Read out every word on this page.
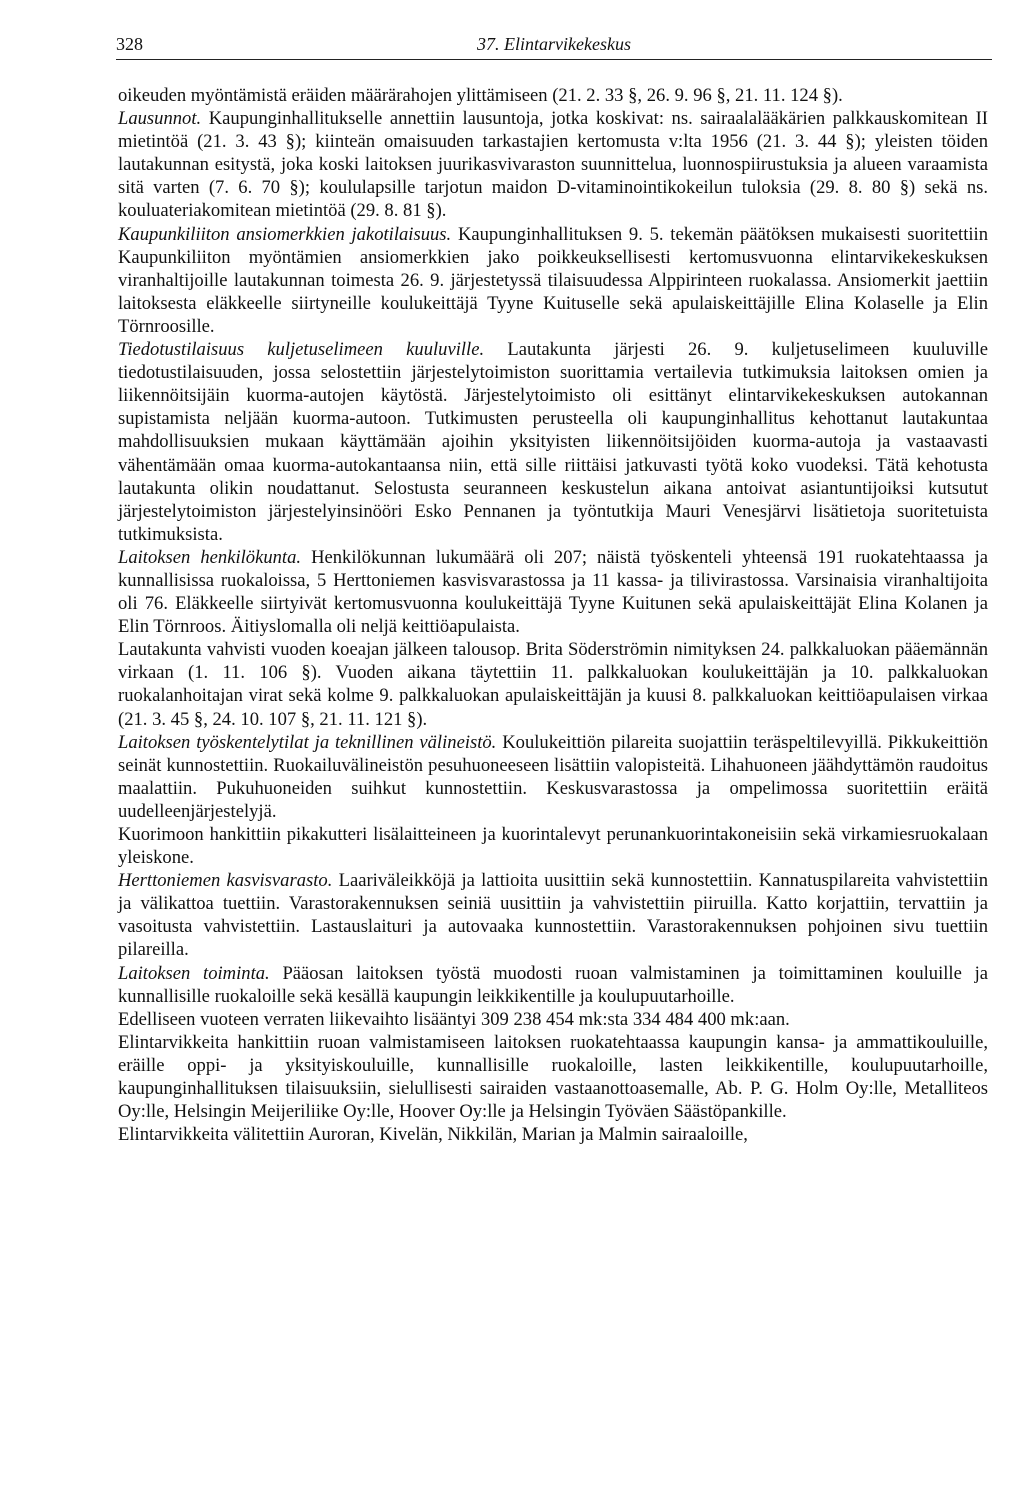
328	37. Elintarvikekeskus

oikeuden myöntämistä eräiden määrärahojen ylittämiseen (21. 2. 33 §, 26. 9. 96 §, 21. 11. 124 §).

Lausunnot. Kaupunginhallitukselle annettiin lausuntoja, jotka koskivat: ns. sairaalalääkärien palkkauskomitean II mietintöä (21. 3. 43 §); kiinteän omaisuuden tarkastajien kertomusta v:lta 1956 (21. 3. 44 §); yleisten töiden lautakunnan esitystä, joka koski laitoksen juurikasvivaraston suunnittelua, luonnospiirustuksia ja alueen varaamista sitä varten (7. 6. 70 §); koululapsille tarjotun maidon D-vitaminointikokeilun tuloksia (29. 8. 80 §) sekä ns. kouluateriakomitean mietintöä (29. 8. 81 §).

Kaupunkiliiton ansiomerkkien jakotilaisuus. Kaupunginhallituksen 9. 5. tekemän päätöksen mukaisesti suoritettiin Kaupunkiliiton myöntämien ansiomerkkien jako poikkeuksellisesti kertomusvuonna elintarvikekeskuksen viranhaltijoille lautakunnan toimesta 26. 9. järjestetyssä tilaisuudessa Alppirinteen ruokalassa. Ansiomerkit jaettiin laitoksesta eläkkeelle siirtyneille koulukeittäjä Tyyne Kuituselle sekä apulaiskeittäjille Elina Kolaselle ja Elin Törnroosille.

Tiedotustilaisuus kuljetuselimeen kuuluville. Lautakunta järjesti 26. 9. kuljetuselimeen kuuluville tiedotustilaisuuden, jossa selostettiin järjestelytoimiston suorittamia vertailevia tutkimuksia laitoksen omien ja liikennöitsijäin kuorma-autojen käytöstä. Järjestelytoimisto oli esittänyt elintarvikekeskuksen autokannan supistamista neljään kuorma-autoon. Tutkimusten perusteella oli kaupunginhallitus kehottanut lautakuntaa mahdollisuuksien mukaan käyttämään ajoihin yksityisten liikennöitsijöiden kuorma-autoja ja vastaavasti vähentämään omaa kuorma-autokantaansa niin, että sille riittäisi jatkuvasti työtä koko vuodeksi. Tätä kehotusta lautakunta olikin noudattanut. Selostusta seuranneen keskustelun aikana antoivat asiantuntijoiksi kutsutut järjestelytoimiston järjestelyinsinööri Esko Pennanen ja työntutkija Mauri Venesjärvi lisätietoja suoritetuista tutkimuksista.

Laitoksen henkilökunta. Henkilökunnan lukumäärä oli 207; näistä työskenteli yhteensä 191 ruokatehtaassa ja kunnallisissa ruokaloissa, 5 Herttoniemen kasvisvarastossa ja 11 kassa- ja tilivirastossa. Varsinaisia viranhaltijoita oli 76. Eläkkeelle siirtyivät kertomusvuonna koulukeittäjä Tyyne Kuitunen sekä apulaiskeittäjät Elina Kolanen ja Elin Törnroos. Äitiyslomalla oli neljä keittiöapulaista.

Lautakunta vahvisti vuoden koeajan jälkeen talousop. Brita Söderströmin nimityksen 24. palkkaluokan pääemännän virkaan (1. 11. 106 §). Vuoden aikana täytettiin 11. palkkaluokan koulukeittäjän ja 10. palkkaluokan ruokalanhoitajan virat sekä kolme 9. palkkaluokan apulaiskeittäjän ja kuusi 8. palkkaluokan keittiöapulaisen virkaa (21. 3. 45 §, 24. 10. 107 §, 21. 11. 121 §).

Laitoksen työskentelytilat ja teknillinen välineistö. Koulukeittiön pilareita suojattiin teräspeltilevyillä. Pikkukeittiön seinät kunnostettiin. Ruokailuvälineistön pesuhuoneeseen lisättiin valopisteitä. Lihahuoneen jäähdyttämön raudoitus maalattiin. Pukuhuoneiden suihkut kunnostettiin. Keskusvarastossa ja ompelimossa suoritettiin eräitä uudelleenjärjestelyjä.

Kuorimoon hankittiin pikakutteri lisälaitteineen ja kuorintalevyt perunankuorintakoneisiin sekä virkamiesruokalaan yleiskone.

Herttoniemen kasvisvarasto. Laariväleikköjä ja lattioita uusittiin sekä kunnostettiin. Kannatuspilareita vahvistettiin ja välikattoa tuettiin. Varastorakennuksen seiniä uusittiin ja vahvistettiin piiruilla. Katto korjattiin, tervattiin ja vasoitusta vahvistettiin. Lastauslaituri ja autovaaka kunnostettiin. Varastorakennuksen pohjoinen sivu tuettiin pilareilla.

Laitoksen toiminta. Pääosan laitoksen työstä muodosti ruoan valmistaminen ja toimittaminen kouluille ja kunnallisille ruokaloille sekä kesällä kaupungin leikkikentille ja koulupuutarhoille.

Edelliseen vuoteen verraten liikevaihto lisääntyi 309 238 454 mk:sta 334 484 400 mk:aan.

Elintarvikkeita hankittiin ruoan valmistamiseen laitoksen ruokatehtaassa kaupungin kansa- ja ammattikouluille, eräille oppi- ja yksityiskouluille, kunnallisille ruokaloille, lasten leikkikentille, koulupuutarhoille, kaupunginhallituksen tilaisuuksiin, sielullisesti sairaiden vastaanottoasemalle, Ab. P. G. Holm Oy:lle, Metalliteos Oy:lle, Helsingin Meijeriliike Oy:lle, Hoover Oy:lle ja Helsingin Työväen Säästöpankille.

Elintarvikkeita välitettiin Auroran, Kivelän, Nikkilän, Marian ja Malmin sairaaloille,
